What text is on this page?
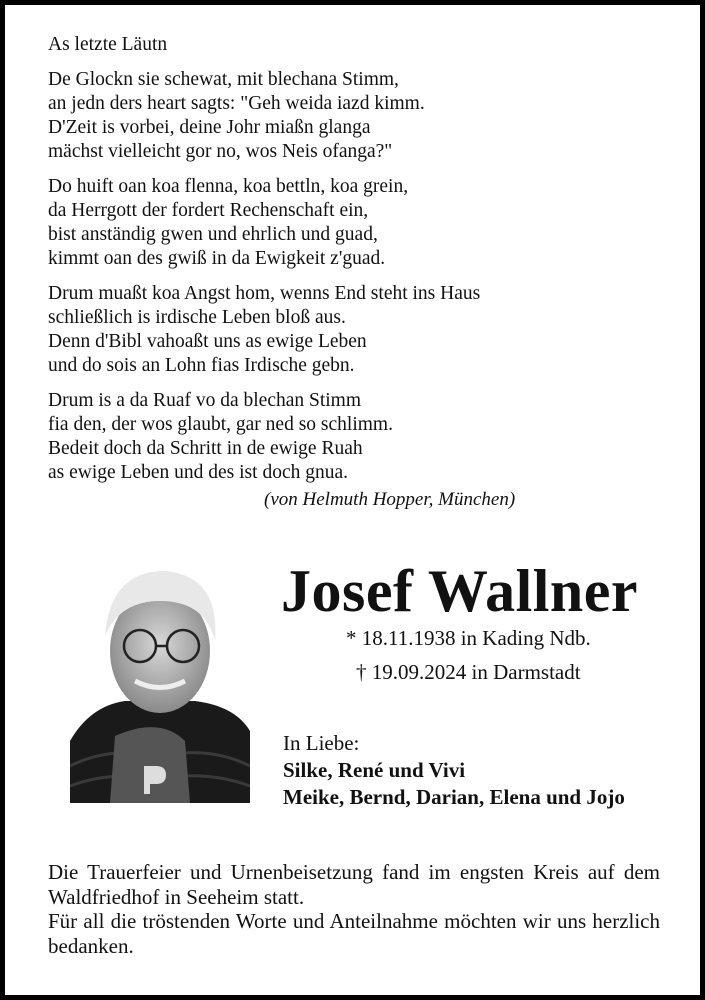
As letzte Läutn
De Glockn sie schewat, mit blechana Stimm,
an jedn ders heart sagts: "Geh weida iazd kimm.
D'Zeit is vorbei, deine Johr miaßn glanga
mächst vielleicht gor no, wos Neis ofanga?"
Do huift oan koa flenna, koa bettln, koa grein,
da Herrgott der fordert Rechenschaft ein,
bist anständig gwen und ehrlich und guad,
kimmt oan des gwiß in da Ewigkeit z'guad.
Drum muaßt koa Angst hom, wenns End steht ins Haus
schließlich is irdische Leben bloß aus.
Denn d'Bibl vahoaßt uns as ewige Leben
und do sois an Lohn fias Irdische gebn.
Drum is a da Ruaf vo da blechan Stimm
fia den, der wos glaubt, gar ned so schlimm.
Bedeit doch da Schritt in de ewige Ruah
as ewige Leben und des ist doch gnua.
(von Helmuth Hopper, München)
Josef Wallner
* 18.11.1938 in Kading Ndb.
† 19.09.2024 in Darmstadt
In Liebe:
Silke, René und Vivi
Meike, Bernd, Darian, Elena und Jojo
Die Trauerfeier und Urnenbeisetzung fand im engsten Kreis auf dem Waldfriedhof in Seeheim statt.
Für all die tröstenden Worte und Anteilnahme möchten wir uns herzlich bedanken.
